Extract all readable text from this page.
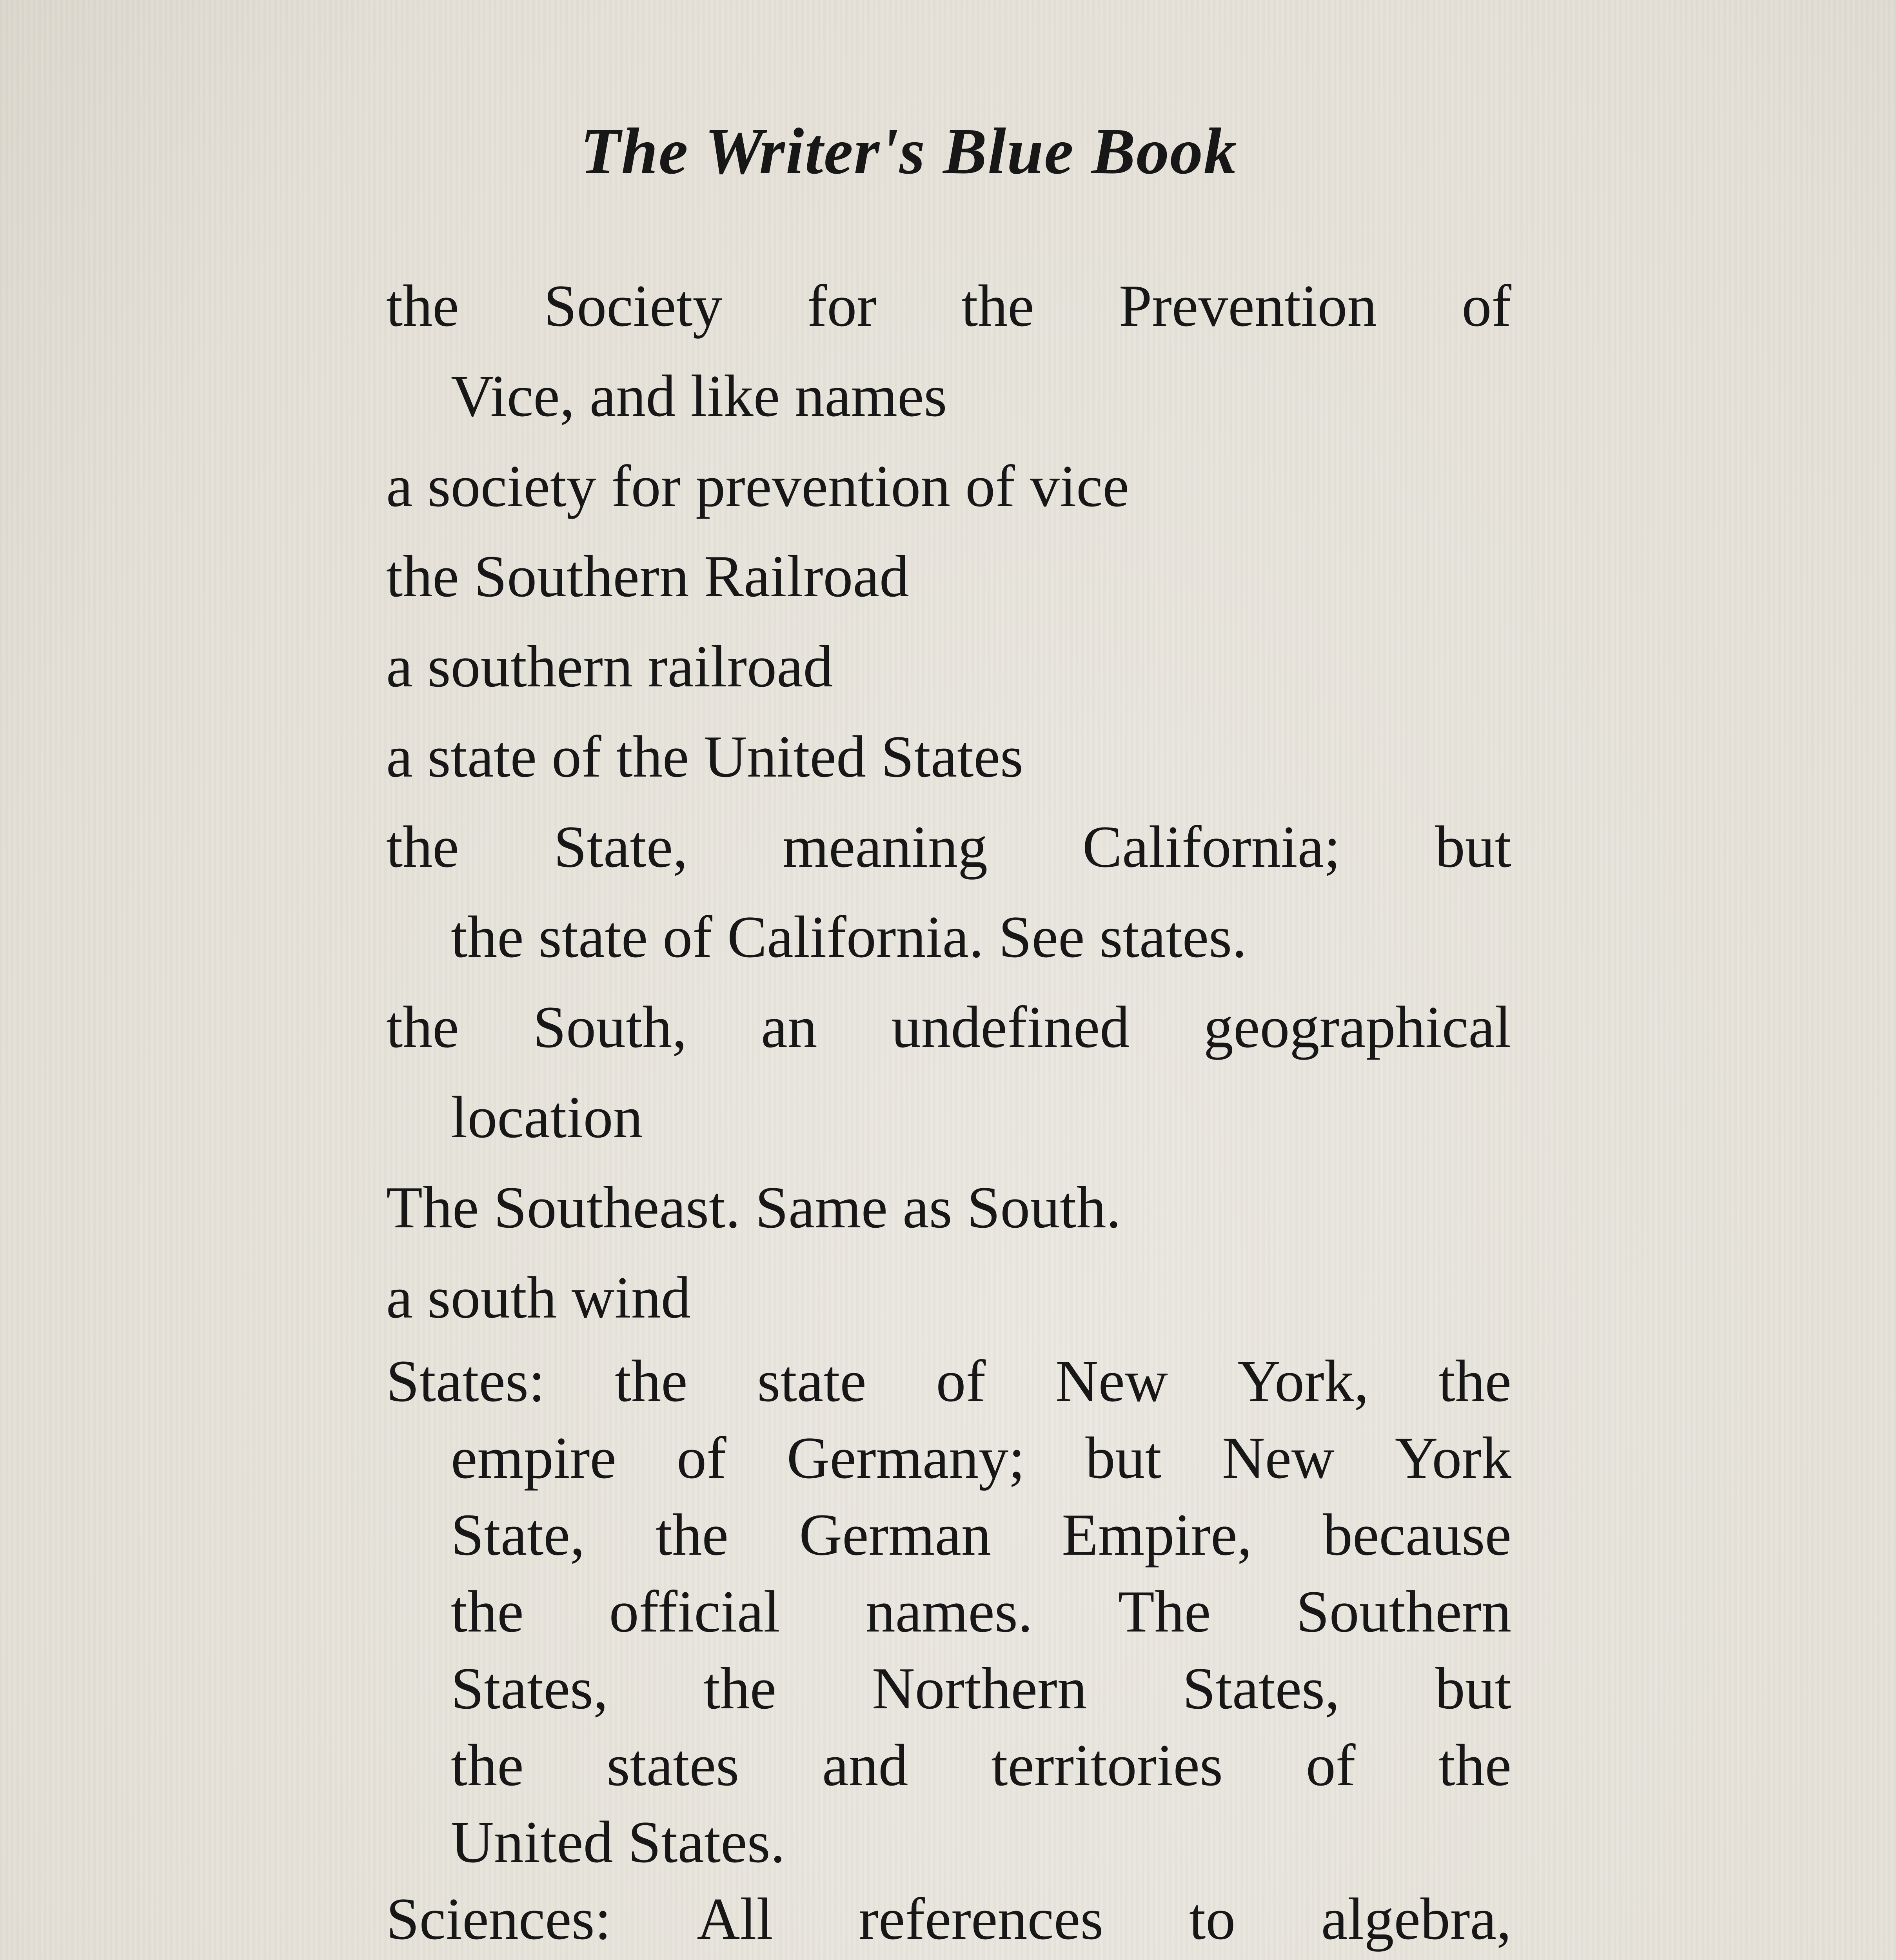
The Writer's Blue Book
the Society for the Prevention of
Vice, and like names
a society for prevention of vice
the Southern Railroad
a southern railroad
a state of the United States
the State, meaning California; but
the state of California. See states.
the South, an undefined geographical
location
The Southeast. Same as South.
a south wind
States: the state of New York, the
empire of Germany; but New York
State, the German Empire, because
the official names. The Southern
States, the Northern States, but
the states and territories of the
United States.
Sciences: All references to algebra,
